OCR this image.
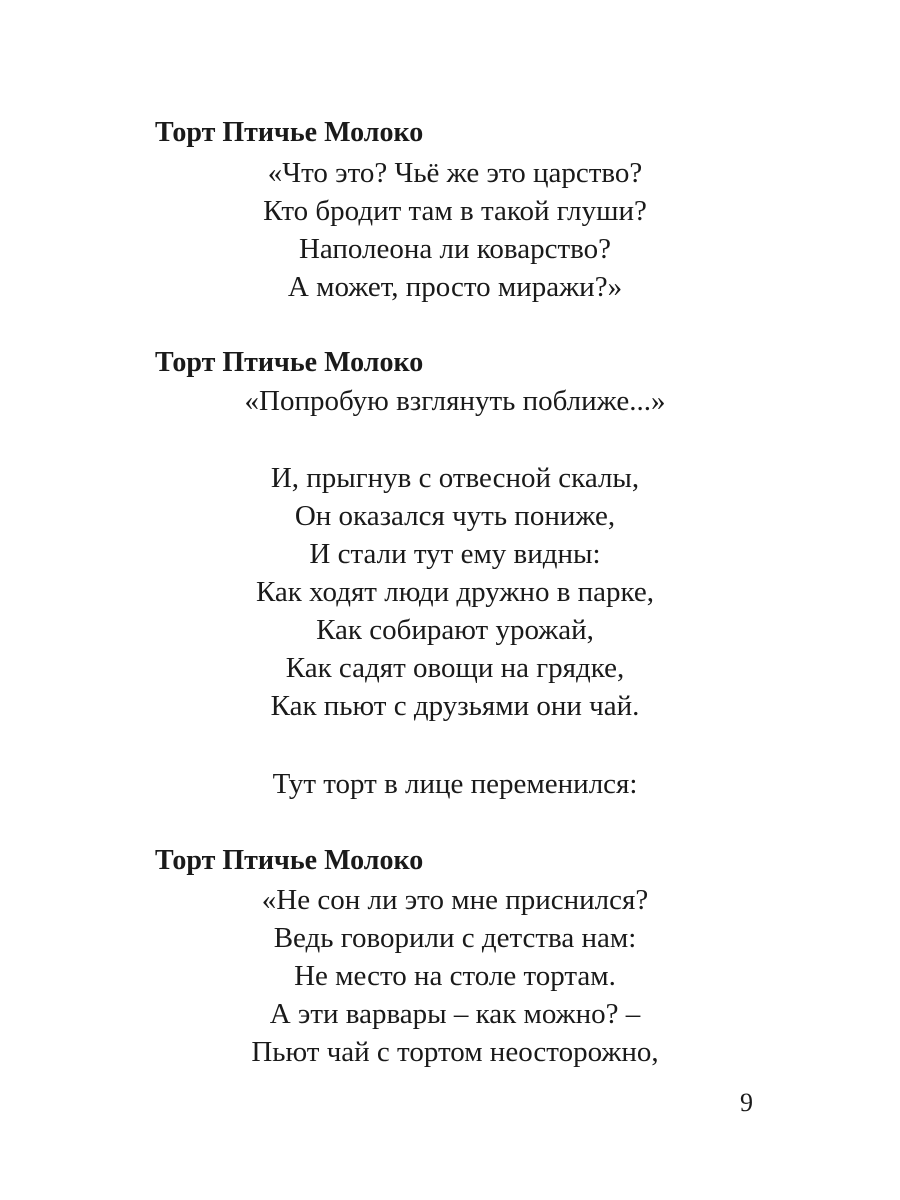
Торт Птичье Молоко
«Что это? Чьё же это царство?
Кто бродит там в такой глуши?
Наполеона ли коварство?
А может, просто миражи?»
Торт Птичье Молоко
«Попробую взглянуть поближе...»
И, прыгнув с отвесной скалы,
Он оказался чуть пониже,
И стали тут ему видны:
Как ходят люди дружно в парке,
Как собирают урожай,
Как садят овощи на грядке,
Как пьют с друзьями они чай.
Тут торт в лице переменился:
Торт Птичье Молоко
«Не сон ли это мне приснился?
Ведь говорили с детства нам:
Не место на столе тортам.
А эти варвары – как можно? –
Пьют чай с тортом неосторожно,
9
